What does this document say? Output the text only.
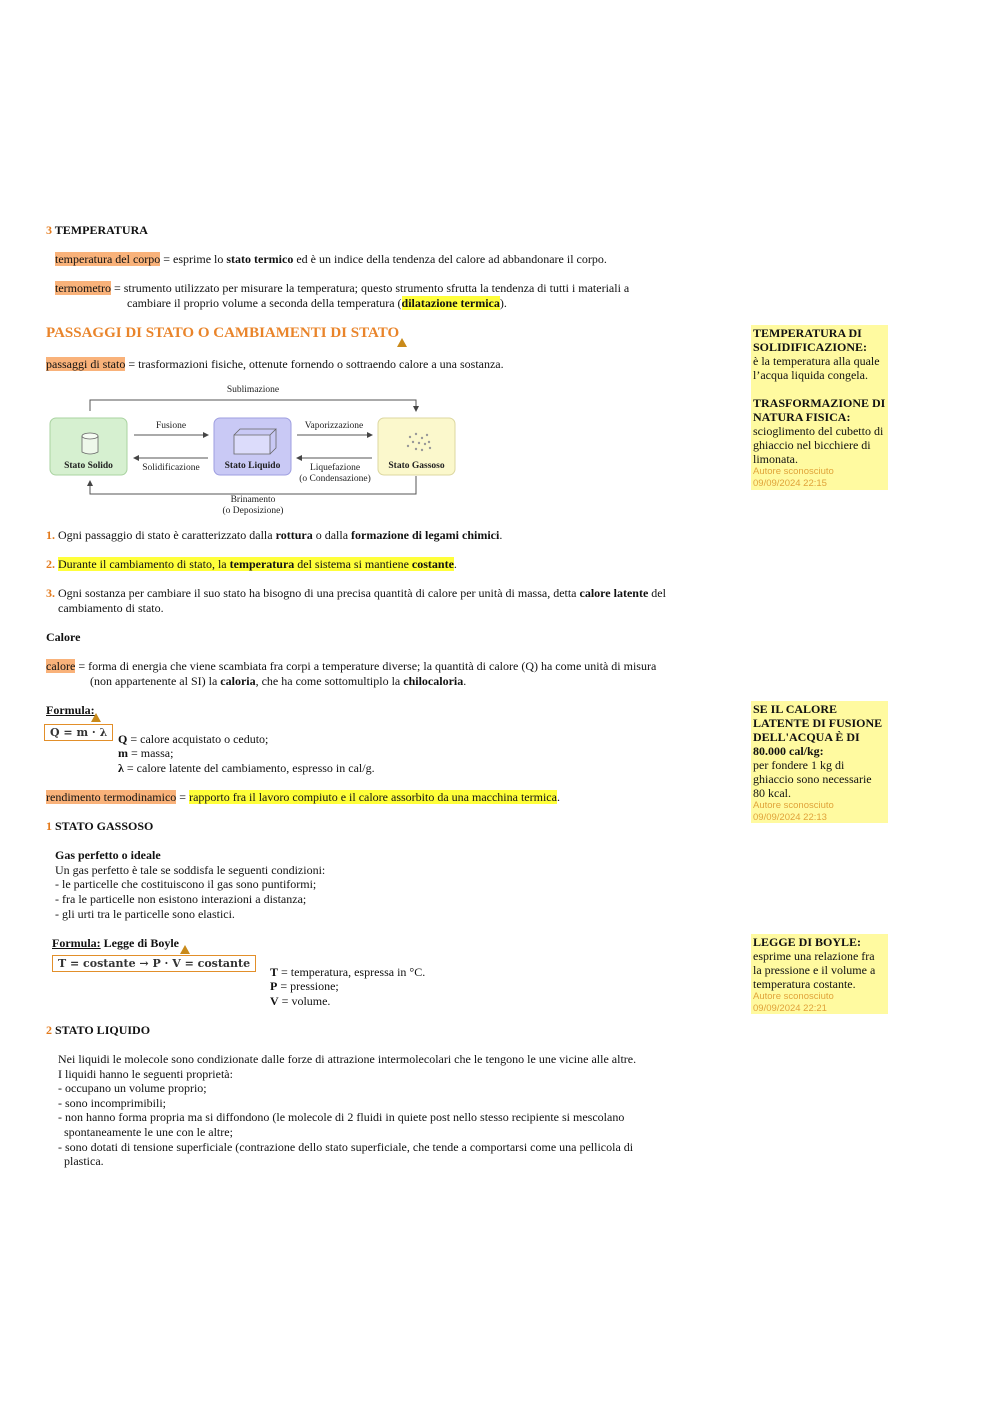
3 TEMPERATURA
temperatura del corpo = esprime lo stato termico ed è un indice della tendenza del calore ad abbandonare il corpo.
termometro = strumento utilizzato per misurare la temperatura; questo strumento sfrutta la tendenza di tutti i materiali a
cambiare il proprio volume a seconda della temperatura (dilatazione termica).
PASSAGGI DI STATO O CAMBIAMENTI DI STATO
passaggi di stato = trasformazioni fisiche, ottenute fornendo o sottraendo calore a una sostanza.
Sublimazione
Brinamento
(o Deposizione)
Stato Solido
Fusione
Solidificazione	Stato Liquido
Vaporizzazione
Liquefazione
(o Condensazione)
Stato Gassoso
1. Ogni passaggio di stato è caratterizzato dalla rottura o dalla formazione di legami chimici.
2. Durante il cambiamento di stato, la temperatura del sistema si mantiene costante.
3. Ogni sostanza per cambiare il suo stato ha bisogno di una precisa quantità di calore per unità di massa, detta calore latente del
cambiamento di stato.
Calore
calore = forma di energia che viene scambiata fra corpi a temperature diverse; la quantità di calore (Q) ha come unità di misura
(non appartenente al SI) la caloria, che ha come sottomultiplo la chilocaloria.
Formula:
Q = m · λ Q = calore acquistato o ceduto;
m = massa;
λ = calore latente del cambiamento, espresso in cal/g.
rendimento termodinamico = rapporto fra il lavoro compiuto e il calore assorbito da una macchina termica.
1 STATO GASSOSO
Gas perfetto o ideale
Un gas perfetto è tale se soddisfa le seguenti condizioni:
- le particelle che costituiscono il gas sono puntiformi;
- fra le particelle non esistono interazioni a distanza;
- gli urti tra le particelle sono elastici.
Formula: Legge di Boyle
T = costante → P · V = costante
T = temperatura, espressa in °C.
P = pressione;
V = volume.
2 STATO LIQUIDO
Nei liquidi le molecole sono condizionate dalle forze di attrazione intermolecolari che le tengono le une vicine alle altre.
I liquidi hanno le seguenti proprietà:
- occupano un volume proprio;
- sono incomprimibili;
- non hanno forma propria ma si diffondono (le molecole di 2 fluidi in quiete post nello stesso recipiente si mescolano
spontaneamente le une con le altre;
- sono dotati di tensione superficiale (contrazione dello stato superficiale, che tende a comportarsi come una pellicola di
plastica.
TEMPERATURA DI SOLIDIFICAZIONE:
è la temperatura alla quale l’acqua liquida congela.
TRASFORMAZIONE DI NATURA FISICA:
scioglimento del cubetto di ghiaccio nel bicchiere di limonata.
Autore sconosciuto
09/09/2024 22:15
SE IL CALORE LATENTE DI FUSIONE DELL'ACQUA È DI 80.000 cal/kg:
per fondere 1 kg di ghiaccio sono necessarie 80 kcal.
Autore sconosciuto
09/09/2024 22:13
LEGGE DI BOYLE:
esprime una relazione fra la pressione e il volume a temperatura costante.
Autore sconosciuto
09/09/2024 22:21
